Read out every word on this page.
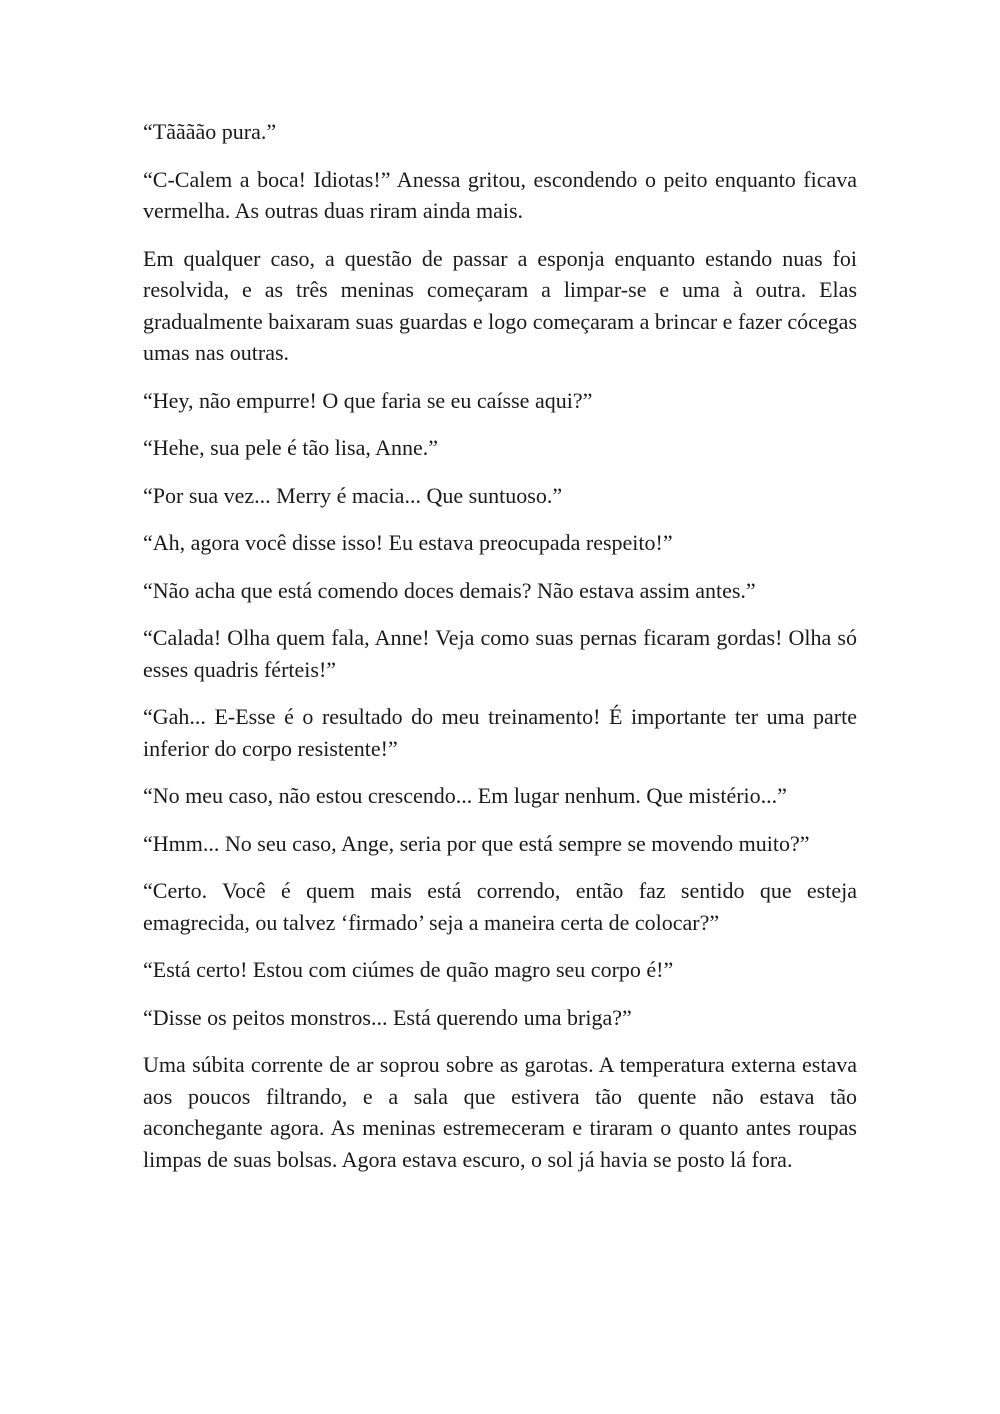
“Tãããão pura.”

“C-Calem a boca! Idiotas!” Anessa gritou, escondendo o peito enquanto ficava vermelha. As outras duas riram ainda mais.

Em qualquer caso, a questão de passar a esponja enquanto estando nuas foi resolvida, e as três meninas começaram a limpar-se e uma à outra. Elas gradualmente baixaram suas guardas e logo começaram a brincar e fazer cócegas umas nas outras.

“Hey, não empurre! O que faria se eu caísse aqui?”

“Hehe, sua pele é tão lisa, Anne.”

“Por sua vez... Merry é macia... Que suntuoso.”

“Ah, agora você disse isso! Eu estava preocupada respeito!”

“Não acha que está comendo doces demais? Não estava assim antes.”

“Calada! Olha quem fala, Anne! Veja como suas pernas ficaram gordas! Olha só esses quadris férteis!”

“Gah... E-Esse é o resultado do meu treinamento! É importante ter uma parte inferior do corpo resistente!”

“No meu caso, não estou crescendo... Em lugar nenhum. Que mistério...”

“Hmm... No seu caso, Ange, seria por que está sempre se movendo muito?”

“Certo. Você é quem mais está correndo, então faz sentido que esteja emagrecida, ou talvez ‘firmado’ seja a maneira certa de colocar?”

“Está certo! Estou com ciúmes de quão magro seu corpo é!”

“Disse os peitos monstros... Está querendo uma briga?”

Uma súbita corrente de ar soprou sobre as garotas. A temperatura externa estava aos poucos filtrando, e a sala que estivera tão quente não estava tão aconchegante agora. As meninas estremeceram e tiraram o quanto antes roupas limpas de suas bolsas. Agora estava escuro, o sol já havia se posto lá fora.
